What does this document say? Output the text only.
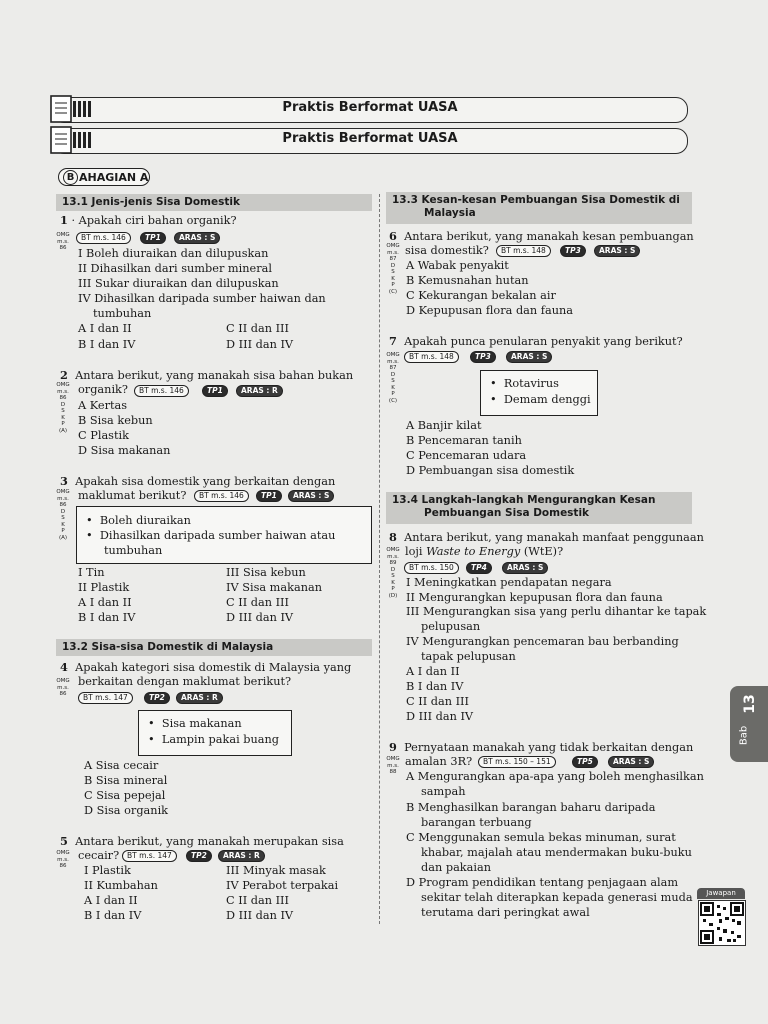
Praktis Berformat UASA
Praktis Berformat UASA
B AHAGIAN A
13.1 Jenis-jenis Sisa Domestik
1 · Apakah ciri bahan organik?
OMG
m.s.
86
BT m.s. 146	TP1	ARAS : S
I Boleh diuraikan dan dilupuskan
II Dihasilkan dari sumber mineral
III Sukar diuraikan dan dilupuskan
IV Dihasilkan daripada sumber haiwan dan
tumbuhan
A I dan II	C II dan III
B I dan IV	D III dan IV
2 Antara berikut, yang manakah sisa bahan bukan
organik?
OMG
m.s.
86
D
S
K
P
(A)
BT m.s. 146	TP1	ARAS : R
A Kertas
B Sisa kebun
C Plastik
D Sisa makanan
3 Apakah sisa domestik yang berkaitan dengan
maklumat berikut?
OMG
m.s.
86
D
S
K
P
(A)
BT m.s. 146	TP1	ARAS : S
•  Boleh diuraikan
•  Dihasilkan daripada sumber haiwan atau
tumbuhan
I Tin	III Sisa kebun
II Plastik	IV Sisa makanan
A I dan II	C II dan III
B I dan IV	D III dan IV
13.2 Sisa-sisa Domestik di Malaysia
4 Apakah kategori sisa domestik di Malaysia yang
berkaitan dengan maklumat berikut?
OMG
m.s.
86	BT m.s. 147	TP2	ARAS : R
•  Sisa makanan
•  Lampin pakai buang
A Sisa cecair
B Sisa mineral
C Sisa pepejal
D Sisa organik
5 Antara berikut, yang manakah merupakan sisa
cecair?
OMG
m.s.
86
BT m.s. 147	TP2	ARAS : R
I Plastik	III Minyak masak
II Kumbahan	IV Perabot terpakai
A I dan II	C II dan III
B I dan IV	D III dan IV
13.3 Kesan-kesan Pembuangan Sisa Domestik di
Malaysia
6 Antara berikut, yang manakah kesan pembuangan
sisa domestik?
OMG
m.s.
87
D
S
K
P
(C)
BT m.s. 148	TP3	ARAS : S
A Wabak penyakit
B Kemusnahan hutan
C Kekurangan bekalan air
D Kepupusan flora dan fauna
7 Apakah punca penularan penyakit yang berikut?
OMG
m.s.
87
D
S
K
P
(C)
BT m.s. 148	TP3	ARAS : S
•  Rotavirus
•  Demam denggi
A Banjir kilat
B Pencemaran tanih
C Pencemaran udara
D Pembuangan sisa domestik
13.4 Langkah-langkah Mengurangkan Kesan
Pembuangan Sisa Domestik
8 Antara berikut, yang manakah manfaat penggunaan
loji Waste to Energy (WtE)?
OMG
m.s.
89
D
S
K
P
(D)
BT m.s. 150	TP4	ARAS : S
I Meningkatkan pendapatan negara
II Mengurangkan kepupusan flora dan fauna
III Mengurangkan sisa yang perlu dihantar ke tapak
pelupusan
IV Mengurangkan pencemaran bau berbanding
tapak pelupusan
A I dan II
B I dan IV
C II dan III
D III dan IV
9 Pernyataan manakah yang tidak berkaitan dengan
amalan 3R?
OMG
m.s.
88
BT m.s. 150 – 151	TP5	ARAS : S
A Mengurangkan apa-apa yang boleh menghasilkan
sampah
B Menghasilkan barangan baharu daripada
barangan terbuang
C Menggunakan semula bekas minuman, surat
khabar, majalah atau mendermakan buku-buku
dan pakaian
D Program pendidikan tentang penjagaan alam
sekitar telah diterapkan kepada generasi muda
terutama dari peringkat awal
13
Bab
Jawapan
